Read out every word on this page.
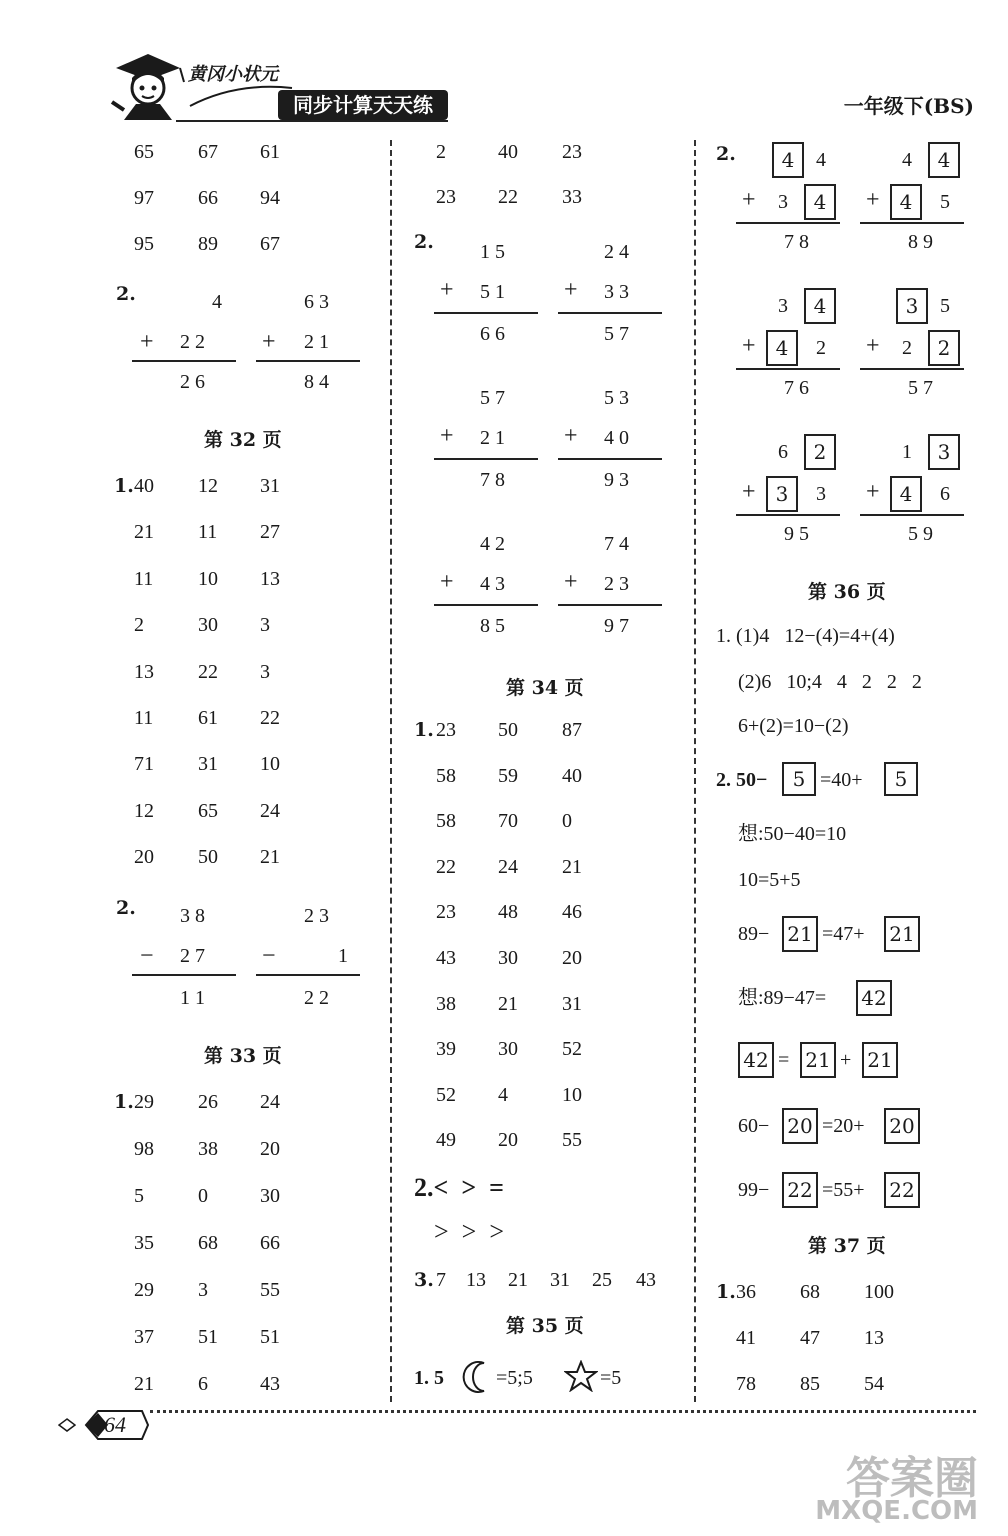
黄冈小状元
同步计算天天练	一年级下(BS)
65 67 61
97 66 94
95 89 67
2.	4
+ 2 2
2 6
6 3
+ 2 1
8 4
第 32 页
1. 40 12 31
21 11 27
11 10 13
2	30 3
13 22 3
11 61 22
71 31 10
12 65 24
20 50 21
2. 3 8
− 2 7
1 1
2 3
−	1
2 2
第 33 页
1. 29 26 24
98 38 20
5	0	30
35 68 66
29 3	55
37 51 51
21 6	43
2	40 23
23 22 33
2. 1 5
+ 5 1
6 6
2 4
+ 3 3
5 7
5 7
+ 2 1
7 8
5 3
+ 4 0
9 3
4 2
+ 4 3
8 5
7 4
+ 2 3
9 7
第 34 页
1. 23 50 87
58 59 40
58 70 0
22 24 21
23 48 46
43 30 20
38 21 31
39 30 52
52 4	10
49 20 55
2.<  >  =
>  >  >
3. 7 13 21 31 25 43
第 35 页
1. 5	=5;5	=5
2.	4	4
+ 3	4
7 8
4	4
+	4	5
8 9
3	4
+	4	2
7 6
3	5
+ 2	2
5 7
6	2
+	3	3
9 5
1	3
+	4	6
5 9
第 36 页
1. (1)4   12−(4)=4+(4)
(2)6   10;4   4   2   2   2
6+(2)=10−(2)
2. 50−	5 =40+	5
想:50−40=10
10=5+5
89− 21 =47+ 21
想:89−47= 42
42 = 21 + 21
60− 20 =20+ 20
99− 22 =55+ 22
第 37 页
1. 36 68 100
41 47 13
78 85 54
64
答案圈
MXQE.COM
